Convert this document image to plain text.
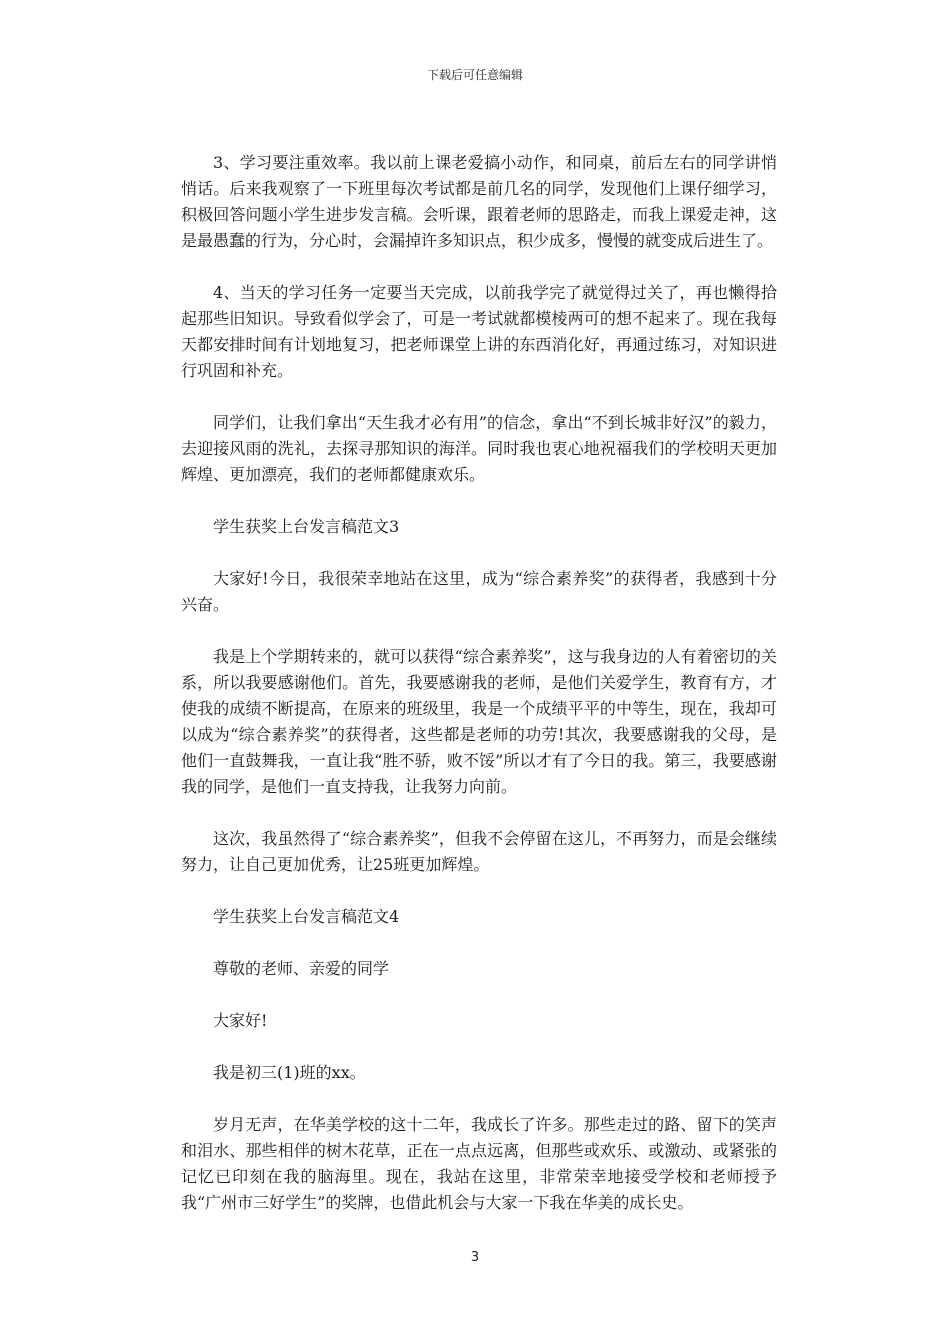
下载后可任意编辑

3、学习要注重效率。我以前上课老爱搞小动作，和同桌，前后左右的同学讲悄悄话。后来我观察了一下班里每次考试都是前几名的同学，发现他们上课仔细学习，积极回答问题小学生进步发言稿。会听课，跟着老师的思路走，而我上课爱走神，这是最愚蠢的行为，分心时，会漏掉许多知识点，积少成多，慢慢的就变成后进生了。

4、当天的学习任务一定要当天完成，以前我学完了就觉得过关了，再也懒得拾起那些旧知识。导致看似学会了，可是一考试就都模棱两可的想不起来了。现在我每天都安排时间有计划地复习，把老师课堂上讲的东西消化好，再通过练习，对知识进行巩固和补充。

同学们，让我们拿出“天生我才必有用”的信念，拿出“不到长城非好汉”的毅力，去迎接风雨的洗礼，去探寻那知识的海洋。同时我也衷心地祝福我们的学校明天更加辉煌、更加漂亮，我们的老师都健康欢乐。

学生获奖上台发言稿范文3

大家好!今日，我很荣幸地站在这里，成为“综合素养奖”的获得者，我感到十分兴奋。

我是上个学期转来的，就可以获得“综合素养奖”，这与我身边的人有着密切的关系，所以我要感谢他们。首先，我要感谢我的老师，是他们关爱学生，教育有方，才使我的成绩不断提高，在原来的班级里，我是一个成绩平平的中等生，现在，我却可以成为“综合素养奖”的获得者，这些都是老师的功劳!其次，我要感谢我的父母，是他们一直鼓舞我，一直让我“胜不骄，败不馁”所以才有了今日的我。第三，我要感谢我的同学，是他们一直支持我，让我努力向前。

这次，我虽然得了“综合素养奖”，但我不会停留在这儿，不再努力，而是会继续努力，让自己更加优秀，让25班更加辉煌。

学生获奖上台发言稿范文4

尊敬的老师、亲爱的同学

大家好!

我是初三(1)班的xx。

岁月无声，在华美学校的这十二年，我成长了许多。那些走过的路、留下的笑声和泪水、那些相伴的树木花草，正在一点点远离，但那些或欢乐、或激动、或紧张的记忆已印刻在我的脑海里。现在，我站在这里，非常荣幸地接受学校和老师授予我“广州市三好学生”的奖牌，也借此机会与大家一下我在华美的成长史。

3
